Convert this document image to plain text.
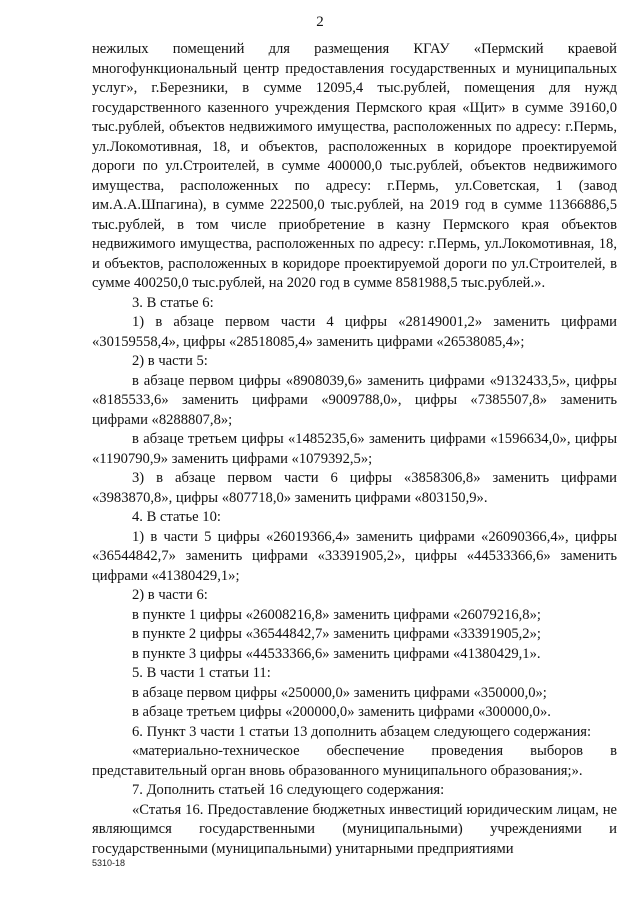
2

нежилых помещений для размещения КГАУ «Пермский краевой многофункциональный центр предоставления государственных и муниципальных услуг», г.Березники, в сумме 12095,4 тыс.рублей, помещения для нужд государственного казенного учреждения Пермского края «Щит» в сумме 39160,0 тыс.рублей, объектов недвижимого имущества, расположенных по адресу: г.Пермь, ул.Локомотивная, 18, и объектов, расположенных в коридоре проектируемой дороги по ул.Строителей, в сумме 400000,0 тыс.рублей, объектов недвижимого имущества, расположенных по адресу: г.Пермь, ул.Советская, 1 (завод им.А.А.Шпагина), в сумме 222500,0 тыс.рублей, на 2019 год в сумме 11366886,5 тыс.рублей, в том числе приобретение в казну Пермского края объектов недвижимого имущества, расположенных по адресу: г.Пермь, ул.Локомотивная, 18, и объектов, расположенных в коридоре проектируемой дороги по ул.Строителей, в сумме 400250,0 тыс.рублей, на 2020 год в сумме 8581988,5 тыс.рублей.».

3. В статье 6:

1) в абзаце первом части 4 цифры «28149001,2» заменить цифрами «30159558,4», цифры «28518085,4» заменить цифрами «26538085,4»;

2) в части 5:

в абзаце первом цифры «8908039,6» заменить цифрами «9132433,5», цифры «8185533,6» заменить цифрами «9009788,0», цифры «7385507,8» заменить цифрами «8288807,8»;

в абзаце третьем цифры «1485235,6» заменить цифрами «1596634,0», цифры «1190790,9» заменить цифрами «1079392,5»;

3) в абзаце первом части 6 цифры «3858306,8» заменить цифрами «3983870,8», цифры «807718,0» заменить цифрами «803150,9».

4. В статье 10:

1) в части 5 цифры «26019366,4» заменить цифрами «26090366,4», цифры «36544842,7» заменить цифрами «33391905,2», цифры «44533366,6» заменить цифрами «41380429,1»;

2) в части 6:

в пункте 1 цифры «26008216,8» заменить цифрами «26079216,8»;

в пункте 2 цифры «36544842,7» заменить цифрами «33391905,2»;

в пункте 3 цифры «44533366,6» заменить цифрами «41380429,1».

5. В части 1 статьи 11:

в абзаце первом цифры «250000,0» заменить цифрами «350000,0»;

в абзаце третьем цифры «200000,0» заменить цифрами «300000,0».

6. Пункт 3 части 1 статьи 13 дополнить абзацем следующего содержания:

«материально-техническое обеспечение проведения выборов в представительный орган вновь образованного муниципального образования;».

7. Дополнить статьей 16 следующего содержания:

«Статья 16. Предоставление бюджетных инвестиций юридическим лицам, не являющимся государственными (муниципальными) учреждениями и государственными (муниципальными) унитарными предприятиями

5310-18
